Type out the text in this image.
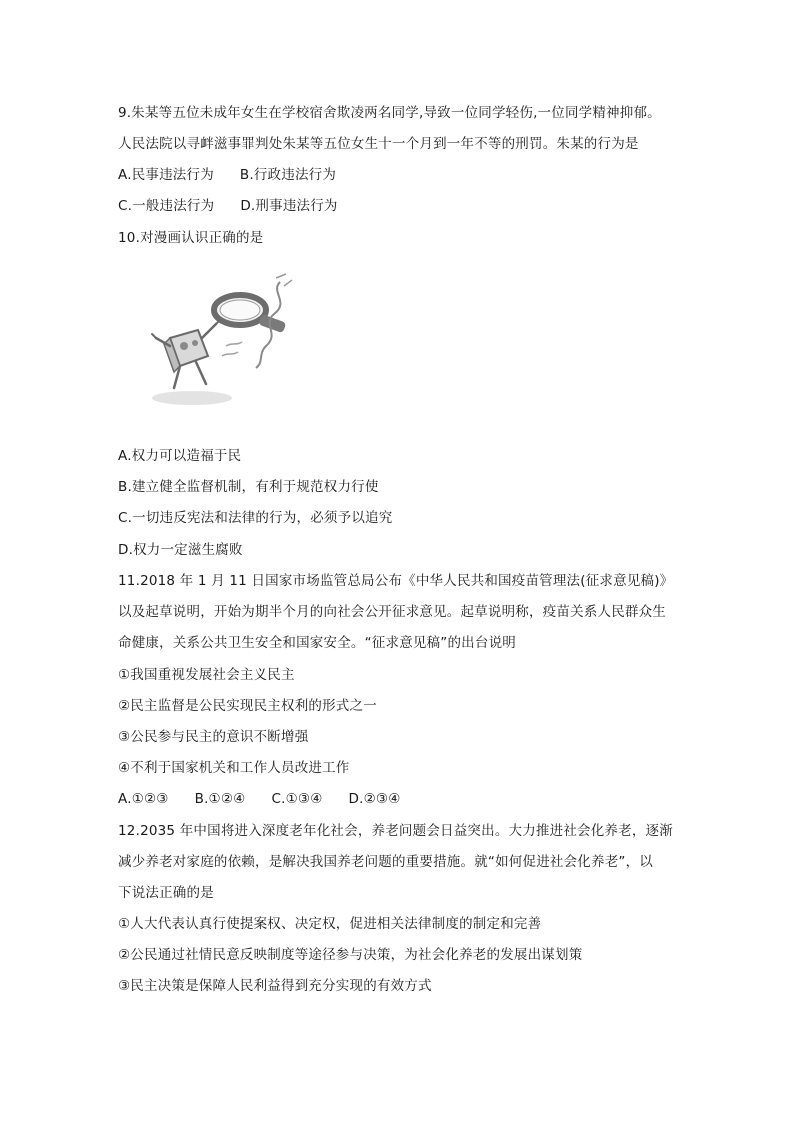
9.朱某等五位未成年女生在学校宿舍欺凌两名同学,导致一位同学轻伤,一位同学精神抑郁。
人民法院以寻衅滋事罪判处朱某等五位女生十一个月到一年不等的刑罚。朱某的行为是
A.民事违法行为 B.行政违法行为
C.一般违法行为 D.刑事违法行为
10.对漫画认识正确的是
A.权力可以造福于民
B.建立健全监督机制，有利于规范权力行使
C.一切违反宪法和法律的行为，必须予以追究
D.权力一定滋生腐败
11.2018 年 1 月 11 日国家市场监管总局公布《中华人民共和国疫苗管理法(征求意见稿)》
以及起草说明，开始为期半个月的向社会公开征求意见。起草说明称，疫苗关系人民群众生
命健康，关系公共卫生安全和国家安全。“征求意见稿”的出台说明
①我国重视发展社会主义民主
②民主监督是公民实现民主权利的形式之一
③公民参与民主的意识不断增强
④不利于国家机关和工作人员改进工作
A.①②③ B.①②④ C.①③④ D.②③④
12.2035 年中国将进入深度老年化社会，养老问题会日益突出。大力推进社会化养老，逐渐
减少养老对家庭的依赖，是解决我国养老问题的重要措施。就“如何促进社会化养老”，以
下说法正确的是
①人大代表认真行使提案权、决定权，促进相关法律制度的制定和完善
②公民通过社情民意反映制度等途径参与决策，为社会化养老的发展出谋划策
③民主决策是保障人民利益得到充分实现的有效方式
